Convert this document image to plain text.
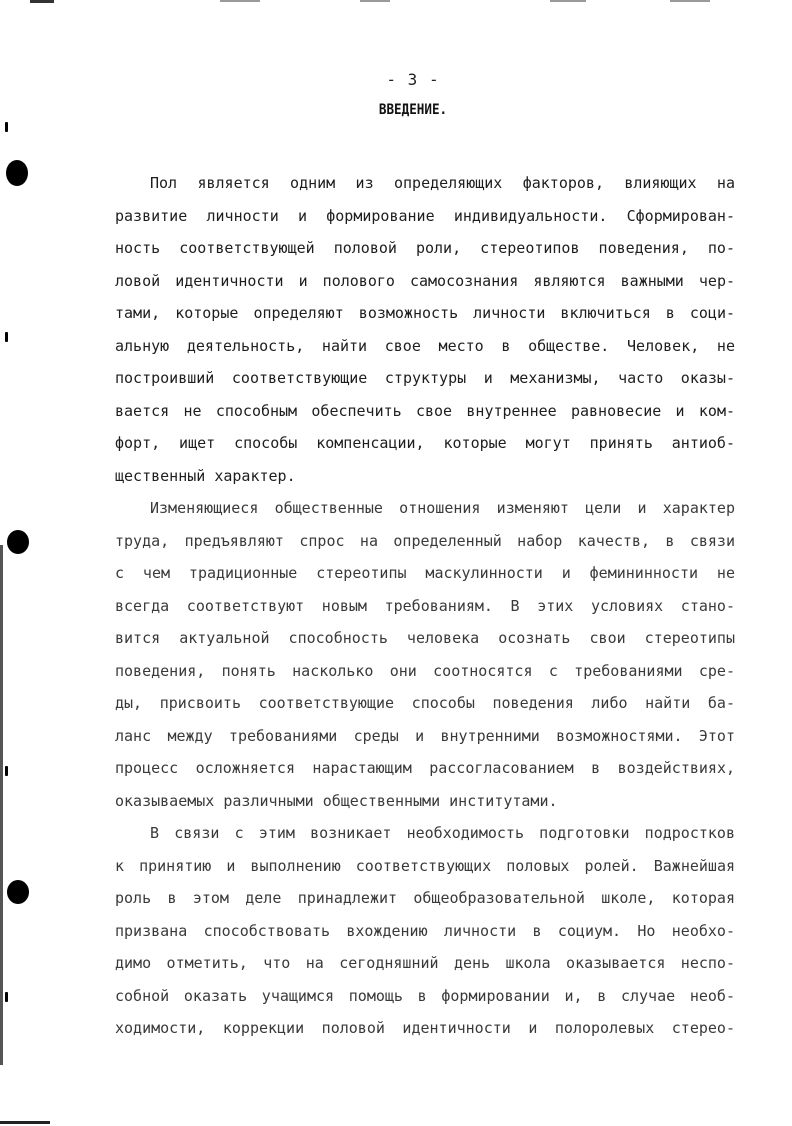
- 3 -
ВВЕДЕНИЕ.
Пол является одним из определяющих факторов, влияющих на
развитие личности и формирование индивидуальности. Сформирован-
ность соответствующей половой роли, стереотипов поведения, по-
ловой идентичности и полового самосознания являются важными чер-
тами, которые определяют возможность личности включиться в соци-
альную деятельность, найти свое место в обществе. Человек, не
построивший соответствующие структуры и механизмы, часто оказы-
вается не способным обеспечить свое внутреннее равновесие и ком-
форт, ищет способы компенсации, которые могут принять антиоб-
щественный характер.
Изменяющиеся общественные отношения изменяют цели и характер
труда, предъявляют спрос на определенный набор качеств, в связи
с чем традиционные стереотипы маскулинности и фемининности не
всегда соответствуют новым требованиям. В этих условиях стано-
вится актуальной способность человека осознать свои стереотипы
поведения, понять насколько они соотносятся с требованиями сре-
ды, присвоить соответствующие способы поведения либо найти ба-
ланс между требованиями среды и внутренними возможностями. Этот
процесс осложняется нарастающим рассогласованием в воздействиях,
оказываемых различными общественными институтами.
В связи с этим возникает необходимость подготовки подростков
к принятию и выполнению соответствующих половых ролей. Важнейшая
роль в этом деле принадлежит общеобразовательной школе, которая
призвана способствовать вхождению личности в социум. Но необхо-
димо отметить, что на сегодняшний день школа оказывается неспо-
собной оказать учащимся помощь в формировании и, в случае необ-
ходимости, коррекции половой идентичности и полоролевых стерео-
